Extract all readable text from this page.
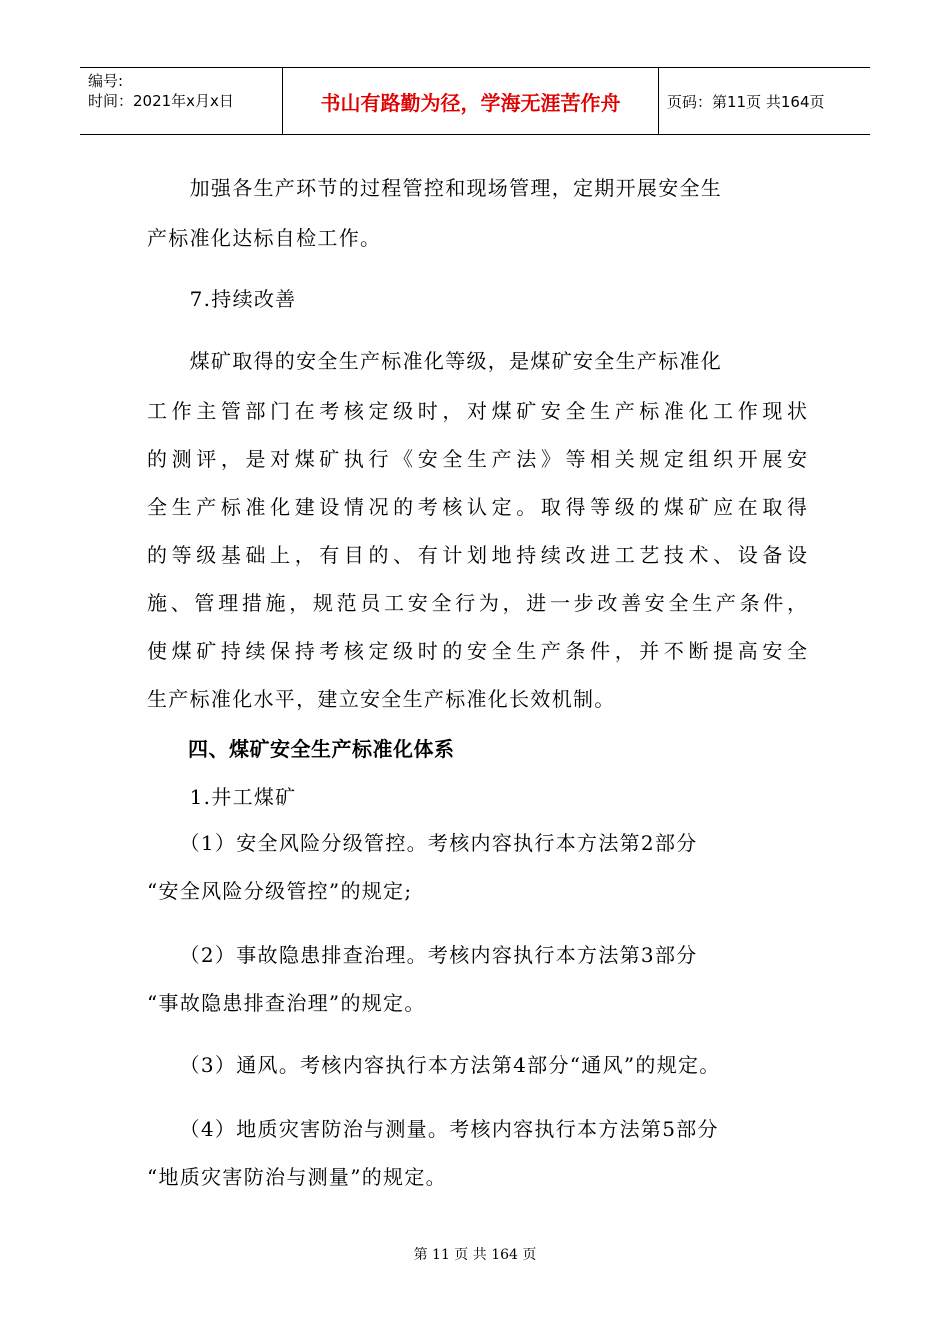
编号:
时间：2021年x月x日	书山有路勤为径，学海无涯苦作舟	页码：第11页 共164页
　　加强各生产环节的过程管控和现场管理，定期开展安全生
产标准化达标自检工作。
　　7.持续改善
　　煤矿取得的安全生产标准化等级，是煤矿安全生产标准化
工作主管部门在考核定级时，对煤矿安全生产标准化工作现状
的测评，是对煤矿执行《安全生产法》等相关规定组织开展安
全生产标准化建设情况的考核认定。取得等级的煤矿应在取得
的等级基础上，有目的、有计划地持续改进工艺技术、设备设
施、管理措施，规范员工安全行为，进一步改善安全生产条件，
使煤矿持续保持考核定级时的安全生产条件，并不断提高安全
生产标准化水平，建立安全生产标准化长效机制。
　　四、煤矿安全生产标准化体系
　　1.井工煤矿
　　（1）安全风险分级管控。考核内容执行本方法第2部分
“安全风险分级管控”的规定;
　　（2）事故隐患排查治理。考核内容执行本方法第3部分
“事故隐患排查治理”的规定。
　　（3）通风。考核内容执行本方法第4部分“通风”的规定。
　　（4）地质灾害防治与测量。考核内容执行本方法第5部分
“地质灾害防治与测量”的规定。
第 11 页 共 164 页
